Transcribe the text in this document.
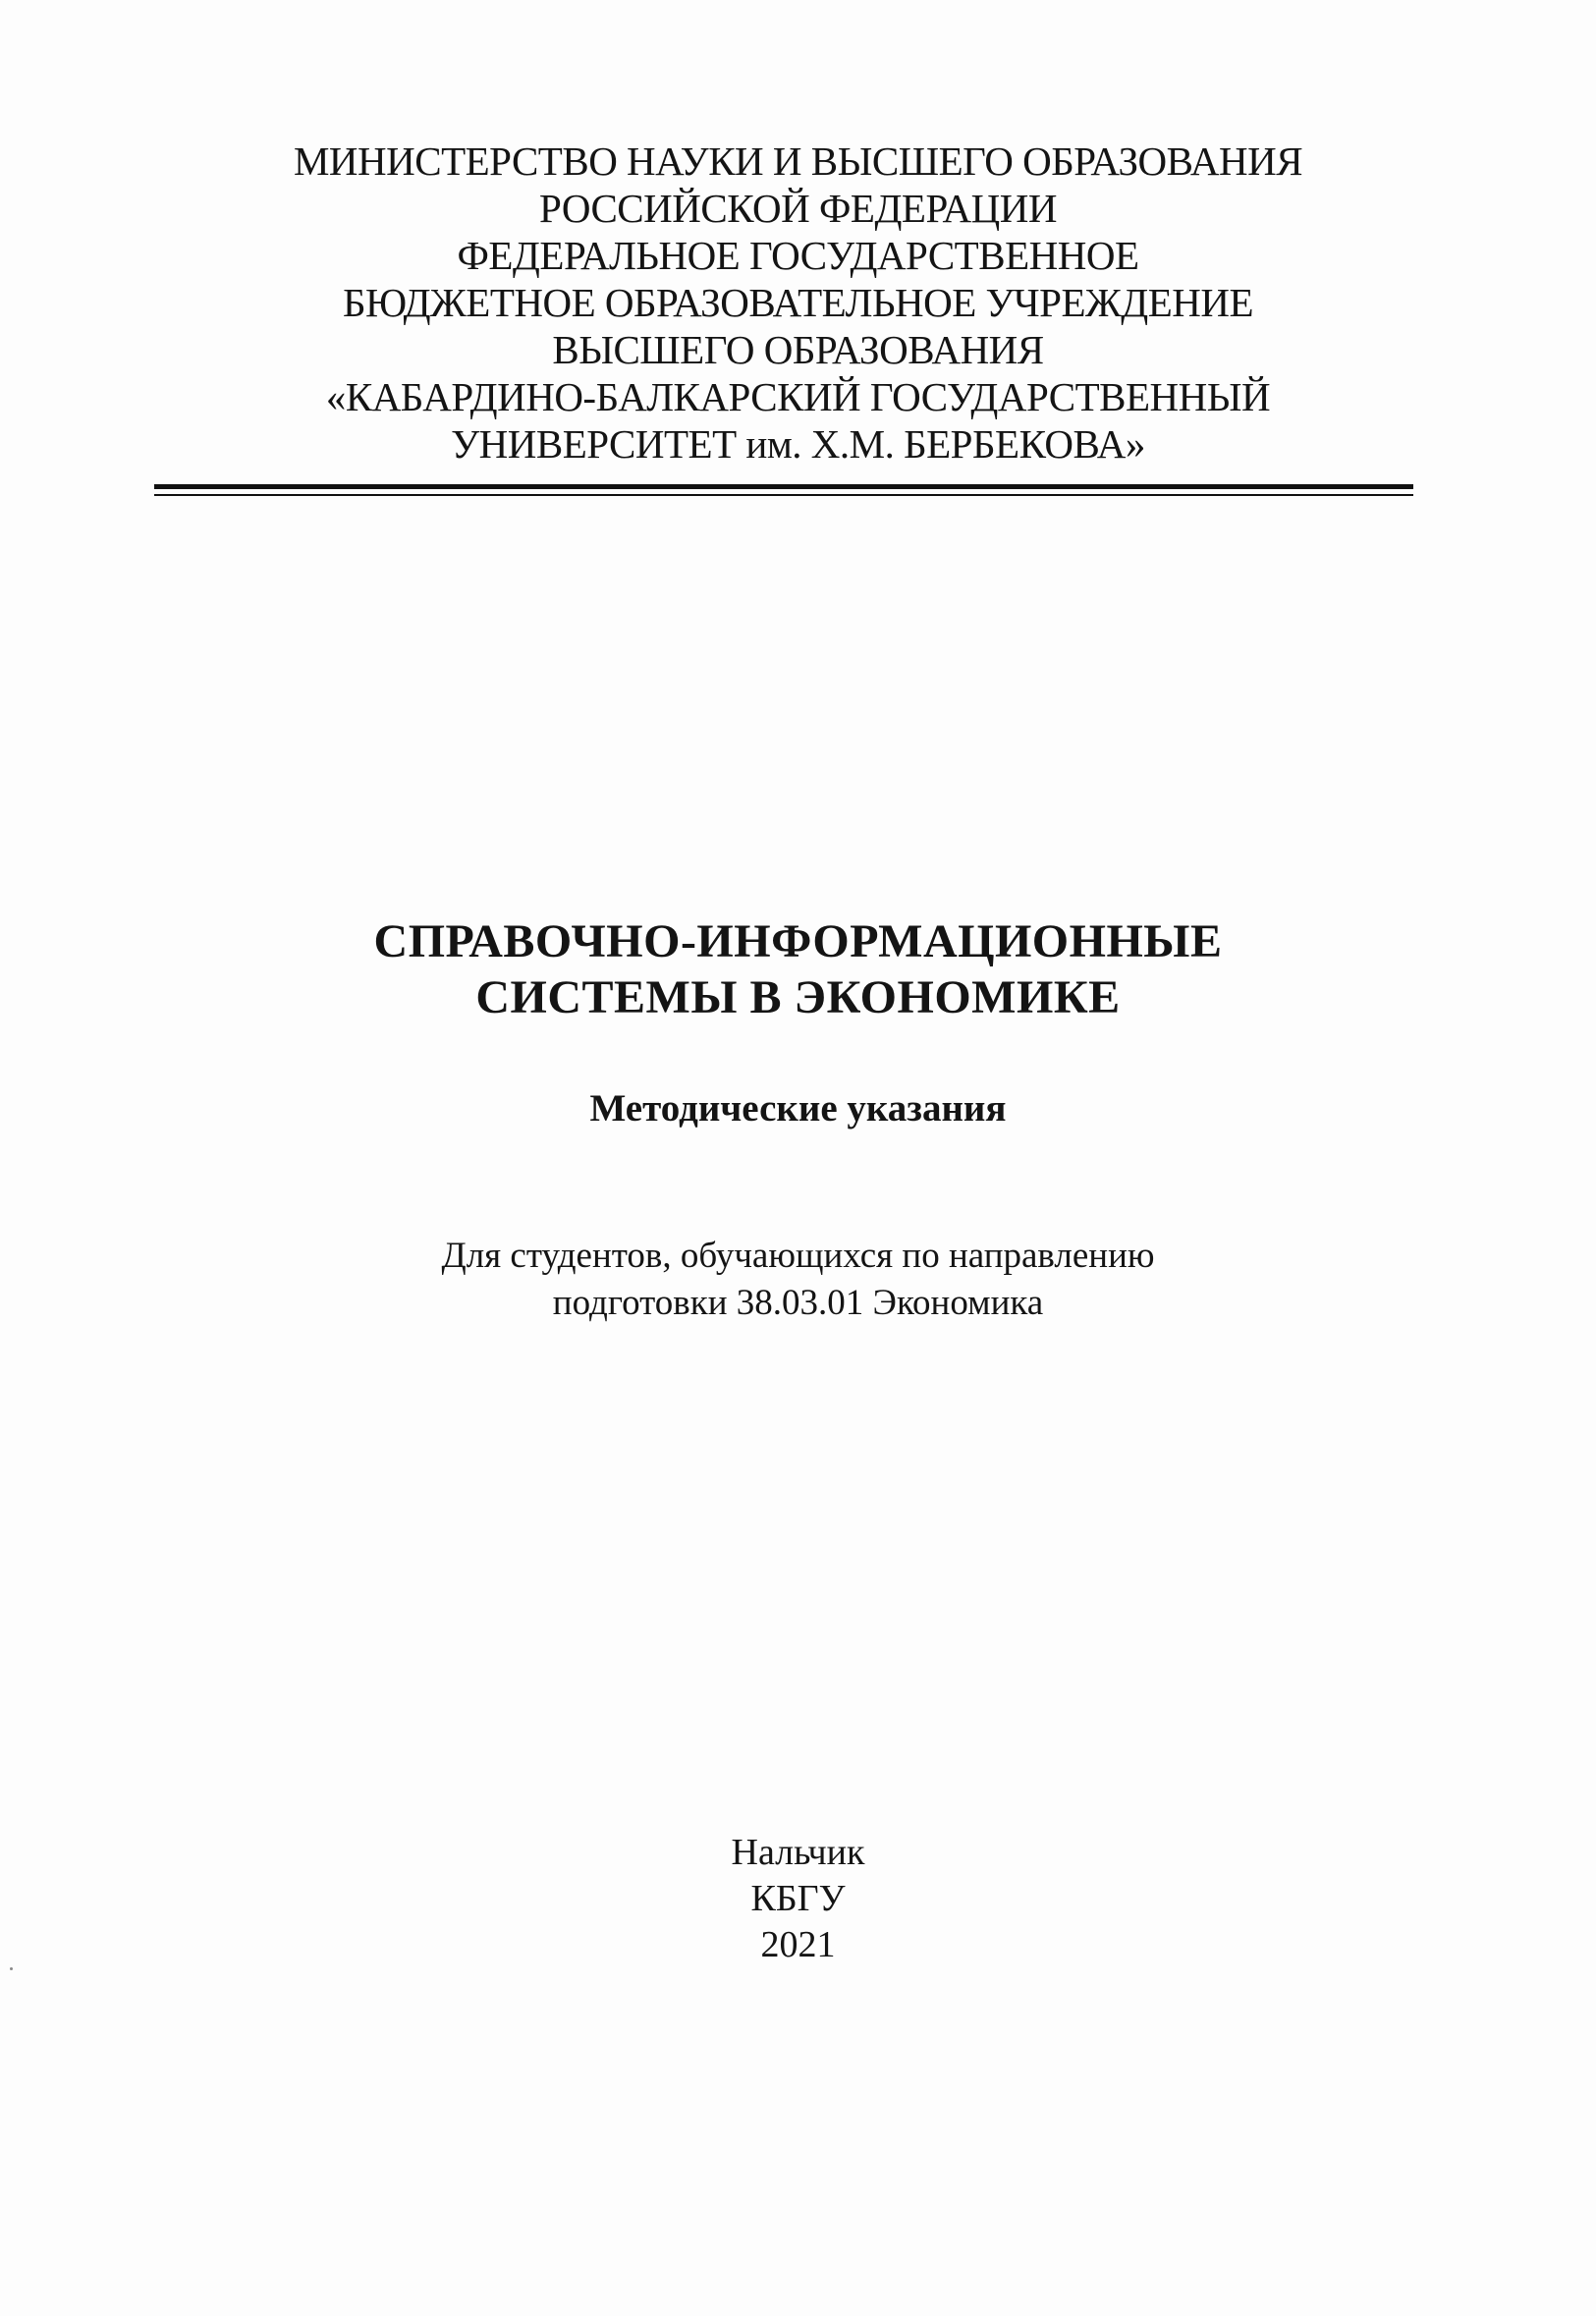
МИНИСТЕРСТВО НАУКИ И ВЫСШЕГО ОБРАЗОВАНИЯ
РОССИЙСКОЙ ФЕДЕРАЦИИ
ФЕДЕРАЛЬНОЕ ГОСУДАРСТВЕННОЕ
БЮДЖЕТНОЕ ОБРАЗОВАТЕЛЬНОЕ УЧРЕЖДЕНИЕ
ВЫСШЕГО ОБРАЗОВАНИЯ
«КАБАРДИНО-БАЛКАРСКИЙ ГОСУДАРСТВЕННЫЙ
УНИВЕРСИТЕТ им. Х.М. БЕРБЕКОВА»
СПРАВОЧНО-ИНФОРМАЦИОННЫЕ
СИСТЕМЫ В ЭКОНОМИКЕ
Методические указания
Для студентов, обучающихся по направлению
подготовки 38.03.01 Экономика
Нальчик
КБГУ
2021
